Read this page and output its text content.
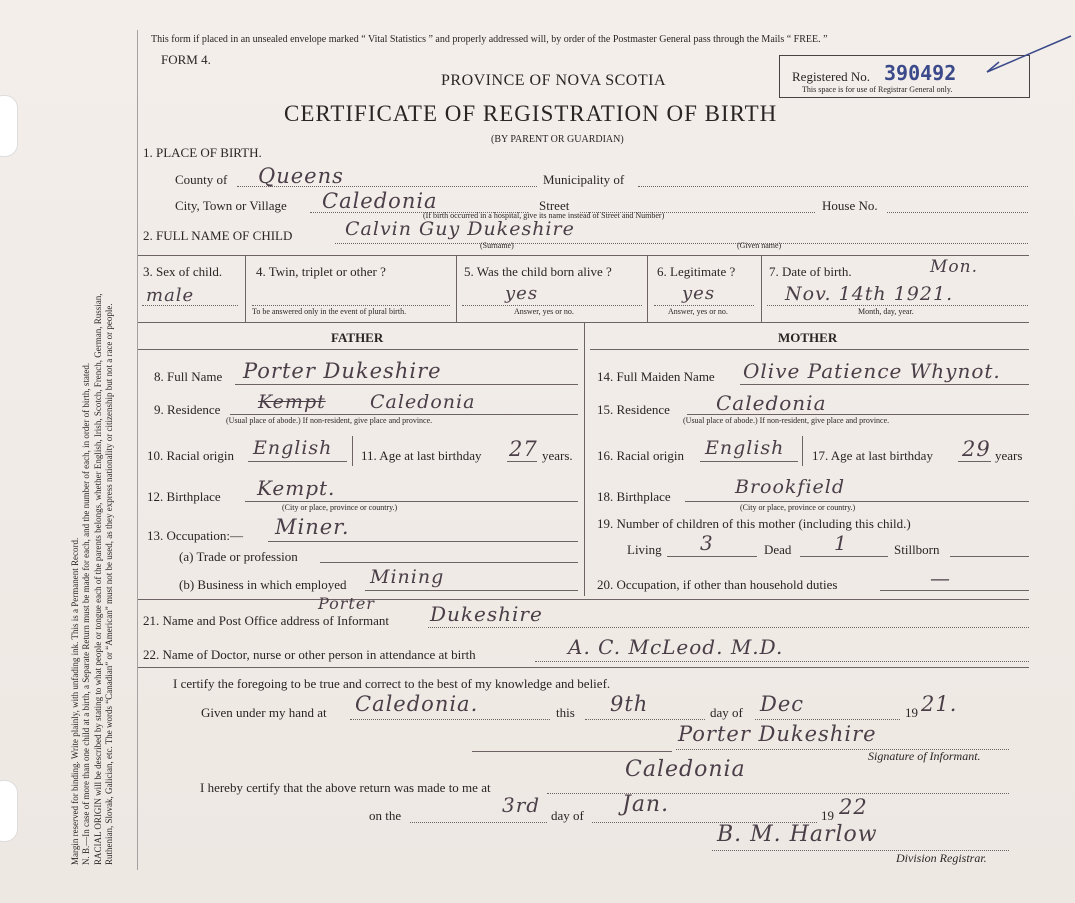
Margin reserved for binding. Write plainly, with unfading ink. This is a Permanent Record. N. B.—In case of more than one child at a birth, a Separate Return must be made for each, and the number of each, in order of birth, stated. RACIAL ORIGIN will be described by stating to what people or tongue each of the parents belongs, whether English, Irish, Scotch, French, German, Russian, Ruthenian, Slovak, Galician, etc. The words “Canadian” or “American” must not be used, as they express nationality or citizenship but not a race or people.
This form if placed in an unsealed envelope marked “ Vital Statistics ” and properly addressed will, by order of the Postmaster General pass through the Mails “ FREE. ”
FORM 4.
PROVINCE OF NOVA SCOTIA
CERTIFICATE OF REGISTRATION OF BIRTH
(BY PARENT OR GUARDIAN)
Registered No. 390492
This space is for use of Registrar General only.
1. PLACE OF BIRTH.
County of Queens	Municipality of
City, Town or Village Caledonia	Street	House No.
(If birth occurred in a hospital, give its name instead of Street and Number)
2. FULL NAME OF CHILD	Calvin Guy Dukeshire
(Surname)	(Given name)
3. Sex of child.
male
4. Twin, triplet or other ?
To be answered only in the event of plural birth.
5. Was the child born alive ?
yes
Answer, yes or no.
6. Legitimate ?
yes
Answer, yes or no.
7. Date of birth.	Mon.
Nov. 14th 1921.
Month, day, year.
FATHER	MOTHER
8. Full Name Porter Dukeshire
9. Residence Kempt Caledonia
(Usual place of abode.) If non-resident, give place and province.
10. Racial origin English 11. Age at last birthday 27 years.
12. Birthplace Kempt.
(City or place, province or country.)
13. Occupation:— Miner.
(a) Trade or profession
(b) Business in which employed Mining
14. Full Maiden Name Olive Patience Whynot.
15. Residence Caledonia
(Usual place of abode.) If non-resident, give place and province.
16. Racial origin English 17. Age at last birthday 29 years
18. Birthplace	Brookfield
(City or place, province or country.)
19. Number of children of this mother (including this child.)
Living 3	Dead 1	Stillborn
20. Occupation, if other than household duties	—
21. Name and Post Office address of Informant
Porter	Dukeshire
22. Name of Doctor, nurse or other person in attendance at birth	A. C. McLeod. M.D.
I certify the foregoing to be true and correct to the best of my knowledge and belief.
Given under my hand at Caledonia.	this 9th	day of Dec	19 21.
Porter Dukeshire
Signature of Informant.
I hereby certify that the above return was made to me at
Caledonia
on the	3rd day of Jan.	19 22
B. M. Harlow
Division Registrar.
